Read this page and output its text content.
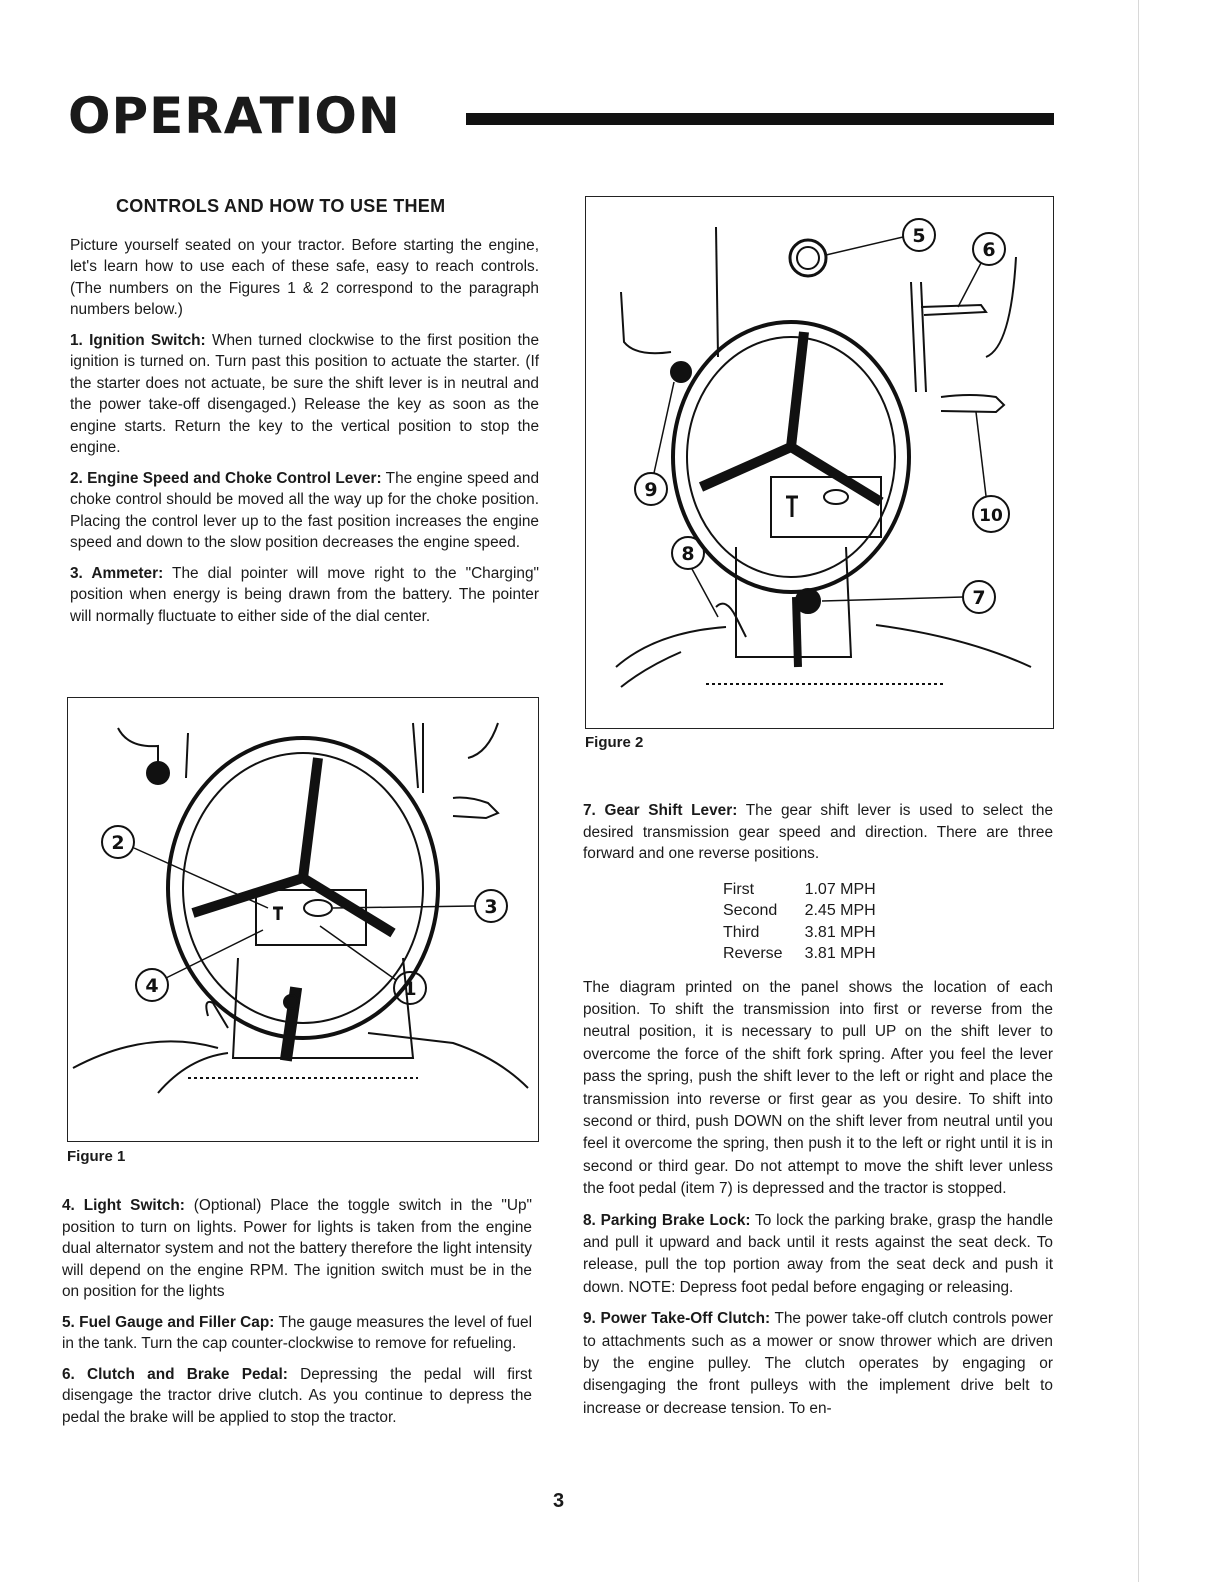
OPERATION
CONTROLS AND HOW TO USE THEM

Picture yourself seated on your tractor. Before starting the engine, let's learn how to use each of these safe, easy to reach controls. (The numbers on the Figures 1 & 2 correspond to the paragraph numbers below.)

1. Ignition Switch: When turned clockwise to the first position the ignition is turned on. Turn past this position to actuate the starter. (If the starter does not actuate, be sure the shift lever is in neutral and the power take-off disengaged.) Release the key as soon as the engine starts. Return the key to the vertical position to stop the engine.

2. Engine Speed and Choke Control Lever: The engine speed and choke control should be moved all the way up for the choke position. Placing the control lever up to the fast position increases the engine speed and down to the slow position decreases the engine speed.

3. Ammeter: The dial pointer will move right to the "Charging" position when energy is being drawn from the battery. The pointer will normally fluctuate to either side of the dial center.

2
3
4	1
Figure 1

4. Light Switch: (Optional) Place the toggle switch in the "Up" position to turn on lights. Power for lights is taken from the engine dual alternator system and not the battery therefore the light intensity will depend on the engine RPM. The ignition switch must be in the on position for the lights

5. Fuel Gauge and Filler Cap: The gauge measures the level of fuel in the tank. Turn the cap counter-clockwise to remove for refueling.

6. Clutch and Brake Pedal: Depressing the pedal will first disengage the tractor drive clutch. As you continue to depress the pedal the brake will be applied to stop the tractor.

5
6
9
10
8
7
Figure 2

7. Gear Shift Lever: The gear shift lever is used to select the desired transmission gear speed and direction. There are three forward and one reverse positions.

First	1.07 MPH
Second	2.45 MPH
Third	3.81 MPH
Reverse	3.81 MPH

The diagram printed on the panel shows the location of each position. To shift the transmission into first or reverse from the neutral position, it is necessary to pull UP on the shift lever to overcome the force of the shift fork spring. After you feel the lever pass the spring, push the shift lever to the left or right and place the transmission into reverse or first gear as you desire. To shift into second or third, push DOWN on the shift lever from neutral until you feel it overcome the spring, then push it to the left or right until it is in second or third gear. Do not attempt to move the shift lever unless the foot pedal (item 7) is depressed and the tractor is stopped.

8. Parking Brake Lock: To lock the parking brake, grasp the handle and pull it upward and back until it rests against the seat deck. To release, pull the top portion away from the seat deck and push it down. NOTE: Depress foot pedal before engaging or releasing.

9. Power Take-Off Clutch: The power take-off clutch controls power to attachments such as a mower or snow thrower which are driven by the engine pulley. The clutch operates by engaging or disengaging the front pulleys with the implement drive belt to increase or decrease tension. To en-

3
